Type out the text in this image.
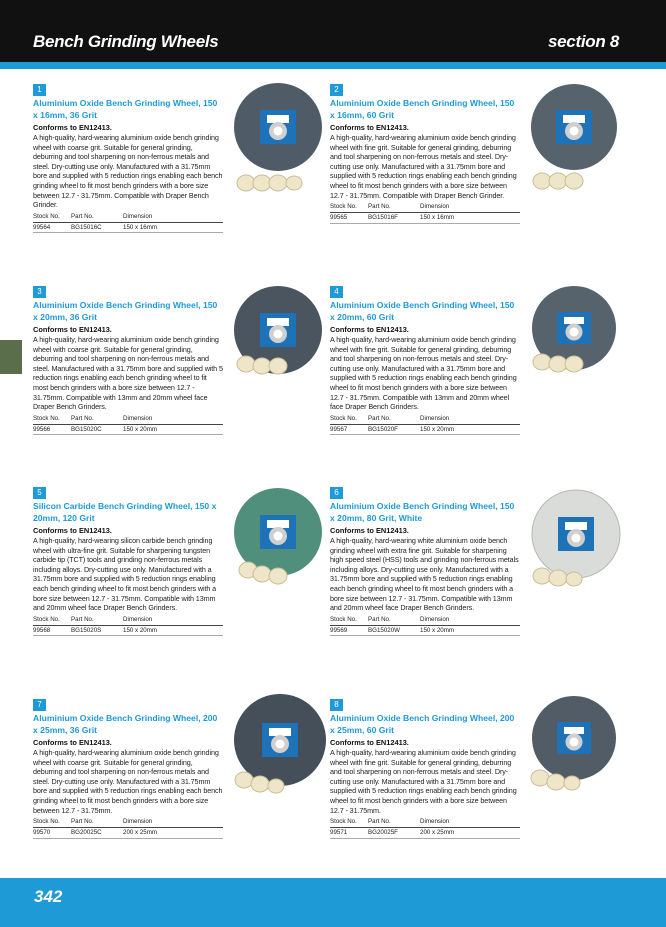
Bench Grinding Wheels	section 8
1
Aluminium Oxide Bench Grinding Wheel, 150 x 16mm, 36 Grit
Conforms to EN12413.
A high-quality, hard-wearing aluminium oxide bench grinding wheel with coarse grit. Suitable for general grinding, deburring and tool sharpening on non-ferrous metals and steel. Dry-cutting use only. Manufactured with a 31.75mm bore and supplied with 5 reduction rings enabling each bench grinding wheel to fit most bench grinders with a bore size between 12.7 - 31.75mm. Compatible with Draper Bench Grinder.
Stock No.	Part No.	Dimension
99564	BG15016C	150 x 16mm
2
Aluminium Oxide Bench Grinding Wheel, 150 x 16mm, 60 Grit
Conforms to EN12413.
A high-quality, hard-wearing aluminium oxide bench grinding wheel with fine grit. Suitable for general grinding, deburring and tool sharpening on non-ferrous metals and steel. Dry-cutting use only. Manufactured with a 31.75mm bore and supplied with 5 reduction rings enabling each bench grinding wheel to fit most bench grinders with a bore size between 12.7 - 31.75mm. Compatible with Draper Bench Grinder.
Stock No.	Part No.	Dimension
99565	BG15016F	150 x 16mm
3
Aluminium Oxide Bench Grinding Wheel, 150 x 20mm, 36 Grit
Conforms to EN12413.
A high-quality, hard-wearing aluminium oxide bench grinding wheel with coarse grit. Suitable for general grinding, deburring and tool sharpening on non-ferrous metals and steel. Manufactured with a 31.75mm bore and supplied with 5 reduction rings enabling each bench grinding wheel to fit most bench grinders with a bore size between 12.7 - 31.75mm. Compatible with 13mm and 20mm wheel face Draper Bench Grinders.
Stock No.	Part No.	Dimension
99566	BG15020C	150 x 20mm
4
Aluminium Oxide Bench Grinding Wheel, 150 x 20mm, 60 Grit
Conforms to EN12413.
A high-quality, hard-wearing aluminium oxide bench grinding wheel with fine grit. Suitable for general grinding, deburring and tool sharpening on non-ferrous metals and steel. Dry-cutting use only. Manufactured with a 31.75mm bore and supplied with 5 reduction rings enabling each bench grinding wheel to fit most bench grinders with a bore size between 12.7 - 31.75mm. Compatible with 13mm and 20mm wheel face Draper Bench Grinders.
Stock No.	Part No.	Dimension
99567	BG15020F	150 x 20mm
5
Silicon Carbide Bench Grinding Wheel, 150 x 20mm, 120 Grit
Conforms to EN12413.
A high-quality, hard-wearing silicon carbide bench grinding wheel with ultra-fine grit. Suitable for sharpening tungsten carbide tip (TCT) tools and grinding non-ferrous metals including alloys. Dry-cutting use only. Manufactured with a 31.75mm bore and supplied with 5 reduction rings enabling each bench grinding wheel to fit most bench grinders with a bore size between 12.7 - 31.75mm. Compatible with 13mm and 20mm wheel face Draper Bench Grinders.
Stock No.	Part No.	Dimension
99568	BG15020S	150 x 20mm
6
Aluminium Oxide Bench Grinding Wheel, 150 x 20mm, 80 Grit, White
Conforms to EN12413.
A high-quality, hard-wearing white aluminium oxide bench grinding wheel with extra fine grit. Suitable for sharpening high speed steel (HSS) tools and grinding non-ferrous metals including alloys. Dry-cutting use only. Manufactured with a 31.75mm bore and supplied with 5 reduction rings enabling each bench grinding wheel to fit most bench grinders with a bore size between 12.7 - 31.75mm. Compatible with 13mm and 20mm wheel face Draper Bench Grinders.
Stock No.	Part No.	Dimension
99569	BG15020W	150 x 20mm
7
Aluminium Oxide Bench Grinding Wheel, 200 x 25mm, 36 Grit
Conforms to EN12413.
A high-quality, hard-wearing aluminium oxide bench grinding wheel with coarse grit. Suitable for general grinding, deburring and tool sharpening on non-ferrous metals and steel. Dry-cutting use only. Manufactured with a 31.75mm bore and supplied with 5 reduction rings enabling each bench grinding wheel to fit most bench grinders with a bore size between 12.7 - 31.75mm.
Stock No.	Part No.	Dimension
99570	BG20025C	200 x 25mm
8
Aluminium Oxide Bench Grinding Wheel, 200 x 25mm, 60 Grit
Conforms to EN12413.
A high-quality, hard-wearing aluminium oxide bench grinding wheel with fine grit. Suitable for general grinding, deburring and tool sharpening on non-ferrous metals and steel. Dry-cutting use only. Manufactured with a 31.75mm bore and supplied with 5 reduction rings enabling each bench grinding wheel to fit most bench grinders with a bore size between 12.7 - 31.75mm.
Stock No.	Part No.	Dimension
99571	BG20025F	200 x 25mm
342
